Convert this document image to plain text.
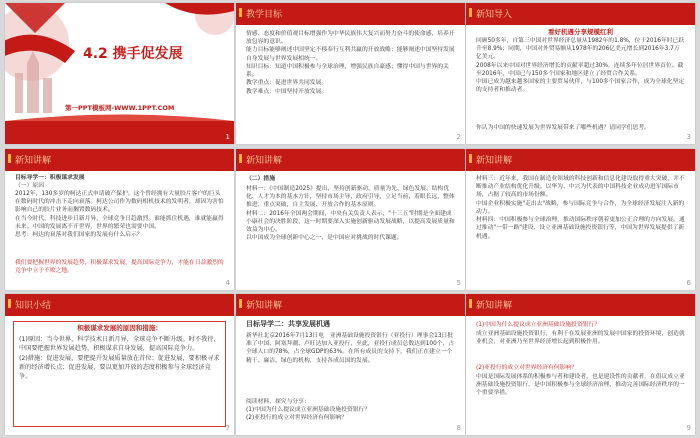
4.2 携手促发展
第一PPT模板网-WWW.1PPT.COM
1
教学目标
情感、态度和价值观目标增强作为中华民族伟大复兴而努力奋斗的使命感，培养开放包容的意识。
能力目标能够阐述中国坚定不移奉行互利共赢的开放战略；能够阐述中国坚持发展自身发展与世界发展相统一。
知识目标：知道中国积极参与全球治理，增强民族自豪感；懂得中国与世界的关系。
教学重点：促进世界共同发展。
教学难点：中国坚持开放发展。
2
新知导入
看好机遇分享规模红利
回顾50多年，自第三中国对世界经济总量从1982年的1.8%，位于2016年时已跃升至8.9%；同期，中国对外贸易额从1978年的206亿美元增长到2016年3.7万亿美元。
2008年以来中国对世界经济增长的贡献率超过30%，连续多年位居世界首位。截至2016年，中国已与150多个国家和地区建立了经贸合作关系。
中国已成为越来越多国家的主要贸易伙伴，与100多个国家合作，成为全球化坚定的支持者和推动者。
你认为中国的快速发展为世界发展带来了哪些机遇？请同学们思考。
3
新知讲解
目标导学一：积极谋求发展
（一）原因
2012年，130多岁的柯达正式申请破产保护。这个曾经拥有大量胶片客户的巨头在数码时代的冲击下走向衰落。柯达公司作为数码相机技术的发明者，却因为害怕影响自己的胶片业务而搁置数码技术。
在当今时代，科技进步日新月异，全球竞争日趋激烈。谁能抓住机遇，谁就能赢得未来。中国的发展离不开世界，世界的繁荣也需要中国。
思考：柯达的衰落对我们国家的发展有什么启示？
我们要把握世界的发展趋势，积极谋求发展，提高国际竞争力，才能在日益激烈的竞争中立于不败之地。
4
新知讲解
（二）措施
材料一：《中国制造2025》提出，坚持创新驱动、质量为先、绿色发展、结构优化、人才为本的基本方针，坚持市场主导、政府引导，立足当前、着眼长远，整体推进、重点突破，自主发展、开放合作的基本原则。
材料二：2016年全国两会期间，中央有关负责人表示，"十三五"时期是全面建成小康社会的决胜阶段，这一时期要深入实施创新驱动发展战略，以提高发展质量和效益为中心。
以中国成为全球创新中心之一，是中国应对挑战的时代课题。
5
新知讲解
材料三：近年来，我国在制造业领域的科技创新和信息化建设取得重大突破，并不断推动产业结构优化升级。以华为、中兴为代表的中国科技企业成功进军国际市场，占据了较高的市场份额。
中国企业积极实施"走出去"战略，参与国际竞争与合作，为全球经济发展注入新的动力。
材料四：中国积极参与全球治理，推动国际秩序朝着更加公正合理的方向发展。通过推动"一带一路"建设、设立亚洲基础设施投资银行等，中国为世界发展提供了新机遇。
6
知识小结
积极谋求发展的原因和措施：
(1)原因：当今世界，科学技术日新月异，全球竞争不断升级。时不我待，中国要把握世界发展趋势，积极谋求自身发展，提高国际竞争力。
(2)措施：促进发展，要把提升发展质量放在首位；促进发展，要积极寻求新的经济增长点；促进发展，要以更加开放的态度积极参与全球经济竞争。
7
新知讲解
目标导学二：共享发展机遇
新华社北京2016年7月13日电　亚洲基础设施投资银行（亚投行）理事会13日批准了中国、阿塞拜疆、卢旺达加入亚投行，至此，亚投行成员总数达到100个，占全球人口的78%，占全球GDP的63%。在所有成员的支持下，我们正在建立一个精干、廉洁、绿色的机构，支持各成员国的发展。
阅读材料，探究与分享：
(1)中国为什么提议成立亚洲基础设施投资银行？
(2)亚投行的成立对世界经济有何影响？
8
新知讲解
(1)中国为什么提议成立亚洲基础设施投资银行？
成立亚洲基础设施投资银行，有利于在发展亚洲的发展中国家的投资环境，创造就业机会，对亚洲乃至世界经济增长起到积极作用。
(2)亚投行的成立对世界经济有何影响？
中国是国际发展体系的积极参与者和建设者，也是建设性的贡献者，在倡议成立亚洲基础设施投资银行，是中国积极参与全球经济治理，推动完善国际经济秩序的一个重要举措。
9
